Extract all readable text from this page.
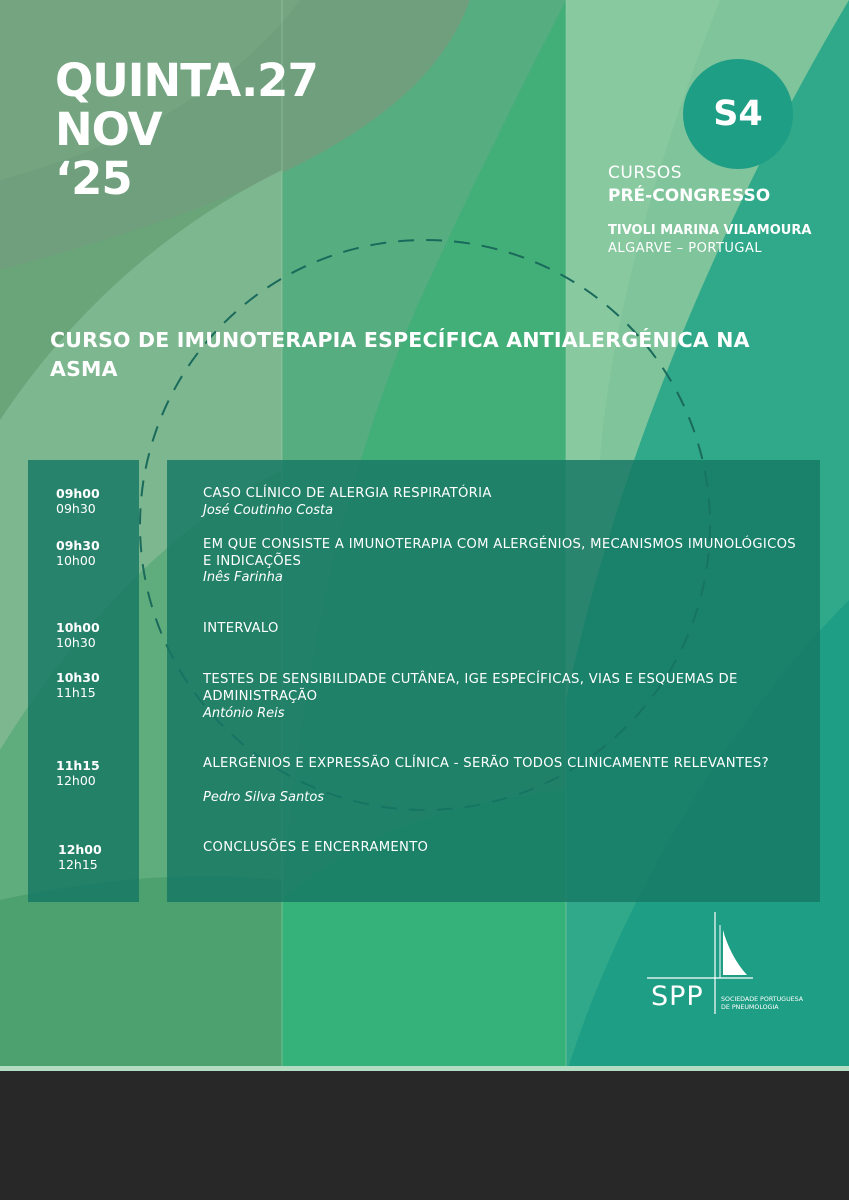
QUINTA.27
NOV
‘25
S4
CURSOS
PRÉ-CONGRESSO
TIVOLI MARINA VILAMOURA
ALGARVE – PORTUGAL
CURSO DE IMUNOTERAPIA ESPECÍFICA ANTIALERGÉNICA NA ASMA
09h00
09h30

CASO CLÍNICO DE ALERGIA RESPIRATÓRIA

José Coutinho Costa
09h30
10h00

EM QUE CONSISTE A IMUNOTERAPIA COM ALERGÉNIOS, MECANISMOS IMUNOLÓGICOS E INDICAÇÕES

Inês Farinha
10h00
10h30

INTERVALO

10h30
11h15

TESTES DE SENSIBILIDADE CUTÂNEA, IGE ESPECÍFICAS, VIAS E ESQUEMAS DE ADMINISTRAÇÃO

António Reis
11h15
12h00

ALERGÉNIOS E EXPRESSÃO CLÍNICA - SERÃO TODOS CLINICAMENTE RELEVANTES?

Pedro Silva Santos
12h00
12h15

CONCLUSÕES E ENCERRAMENTO

SPP	SOCIEDADE PORTUGUESA
DE PNEUMOLOGIA
